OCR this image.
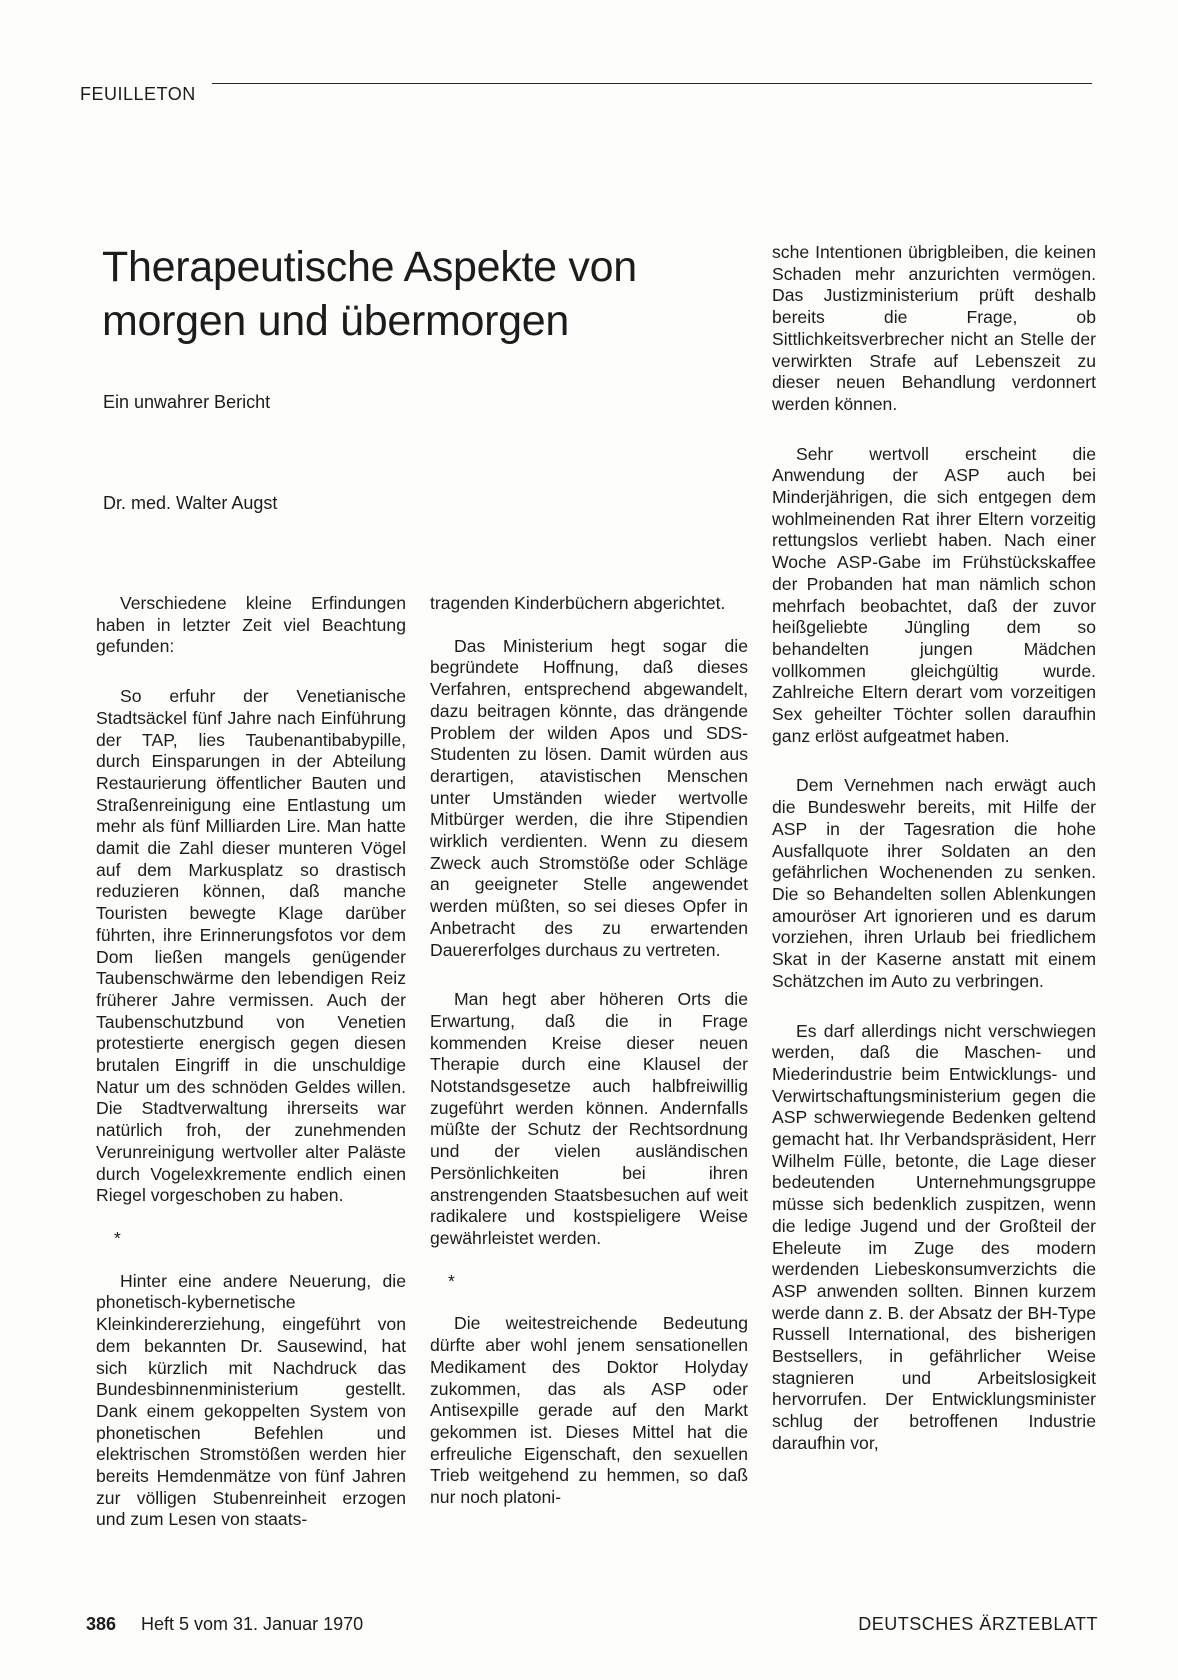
FEUILLETON
Therapeutische Aspekte von morgen und übermorgen
Ein unwahrer Bericht
Dr. med. Walter Augst

Verschiedene kleine Erfindungen haben in letzter Zeit viel Beachtung gefunden:

So erfuhr der Venetianische Stadtsäckel fünf Jahre nach Einführung der TAP, lies Taubenantibabypille, durch Einsparungen in der Abteilung Restaurierung öffentlicher Bauten und Straßenreinigung eine Entlastung um mehr als fünf Milliarden Lire. Man hatte damit die Zahl dieser munteren Vögel auf dem Markusplatz so drastisch reduzieren können, daß manche Touristen bewegte Klage darüber führten, ihre Erinnerungsfotos vor dem Dom ließen mangels genügender Taubenschwärme den lebendigen Reiz früherer Jahre vermissen. Auch der Taubenschutzbund von Venetien protestierte energisch gegen diesen brutalen Eingriff in die unschuldige Natur um des schnöden Geldes willen. Die Stadtverwaltung ihrerseits war natürlich froh, der zunehmenden Verunreinigung wertvoller alter Paläste durch Vogelexkremente endlich einen Riegel vorgeschoben zu haben.

*

Hinter eine andere Neuerung, die phonetisch-kybernetische Kleinkindererziehung, eingeführt von dem bekannten Dr. Sausewind, hat sich kürzlich mit Nachdruck das Bundesbinnenministerium gestellt. Dank einem gekoppelten System von phonetischen Befehlen und elektrischen Stromstößen werden hier bereits Hemdenmätze von fünf Jahren zur völligen Stubenreinheit erzogen und zum Lesen von staats-

tragenden Kinderbüchern abgerichtet.

Das Ministerium hegt sogar die begründete Hoffnung, daß dieses Verfahren, entsprechend abgewandelt, dazu beitragen könnte, das drängende Problem der wilden Apos und SDS-Studenten zu lösen. Damit würden aus derartigen, atavistischen Menschen unter Umständen wieder wertvolle Mitbürger werden, die ihre Stipendien wirklich verdienten. Wenn zu diesem Zweck auch Stromstöße oder Schläge an geeigneter Stelle angewendet werden müßten, so sei dieses Opfer in Anbetracht des zu erwartenden Dauererfolges durchaus zu vertreten.

Man hegt aber höheren Orts die Erwartung, daß die in Frage kommenden Kreise dieser neuen Therapie durch eine Klausel der Notstandsgesetze auch halbfreiwillig zugeführt werden können. Andernfalls müßte der Schutz der Rechtsordnung und der vielen ausländischen Persönlichkeiten bei ihren anstrengenden Staatsbesuchen auf weit radikalere und kostspieligere Weise gewährleistet werden.

*

Die weitestreichende Bedeutung dürfte aber wohl jenem sensationellen Medikament des Doktor Holyday zukommen, das als ASP oder Antisexpille gerade auf den Markt gekommen ist. Dieses Mittel hat die erfreuliche Eigenschaft, den sexuellen Trieb weitgehend zu hemmen, so daß nur noch platoni-

sche Intentionen übrigbleiben, die keinen Schaden mehr anzurichten vermögen. Das Justizministerium prüft deshalb bereits die Frage, ob Sittlichkeitsverbrecher nicht an Stelle der verwirkten Strafe auf Lebenszeit zu dieser neuen Behandlung verdonnert werden können.

Sehr wertvoll erscheint die Anwendung der ASP auch bei Minderjährigen, die sich entgegen dem wohlmeinenden Rat ihrer Eltern vorzeitig rettungslos verliebt haben. Nach einer Woche ASP-Gabe im Frühstückskaffee der Probanden hat man nämlich schon mehrfach beobachtet, daß der zuvor heißgeliebte Jüngling dem so behandelten jungen Mädchen vollkommen gleichgültig wurde. Zahlreiche Eltern derart vom vorzeitigen Sex geheilter Töchter sollen daraufhin ganz erlöst aufgeatmet haben.

Dem Vernehmen nach erwägt auch die Bundeswehr bereits, mit Hilfe der ASP in der Tagesration die hohe Ausfallquote ihrer Soldaten an den gefährlichen Wochenenden zu senken. Die so Behandelten sollen Ablenkungen amouröser Art ignorieren und es darum vorziehen, ihren Urlaub bei friedlichem Skat in der Kaserne anstatt mit einem Schätzchen im Auto zu verbringen.

Es darf allerdings nicht verschwiegen werden, daß die Maschen- und Miederindustrie beim Entwicklungs- und Verwirtschaftungsministerium gegen die ASP schwerwiegende Bedenken geltend gemacht hat. Ihr Verbandspräsident, Herr Wilhelm Fülle, betonte, die Lage dieser bedeutenden Unternehmungsgruppe müsse sich bedenklich zuspitzen, wenn die ledige Jugend und der Großteil der Eheleute im Zuge des modern werdenden Liebeskonsumverzichts die ASP anwenden sollten. Binnen kurzem werde dann z. B. der Absatz der BH-Type Russell International, des bisherigen Bestsellers, in gefährlicher Weise stagnieren und Arbeitslosigkeit hervorrufen. Der Entwicklungsminister schlug der betroffenen Industrie daraufhin vor,

386 Heft 5 vom 31. Januar 1970	DEUTSCHES ÄRZTEBLATT
